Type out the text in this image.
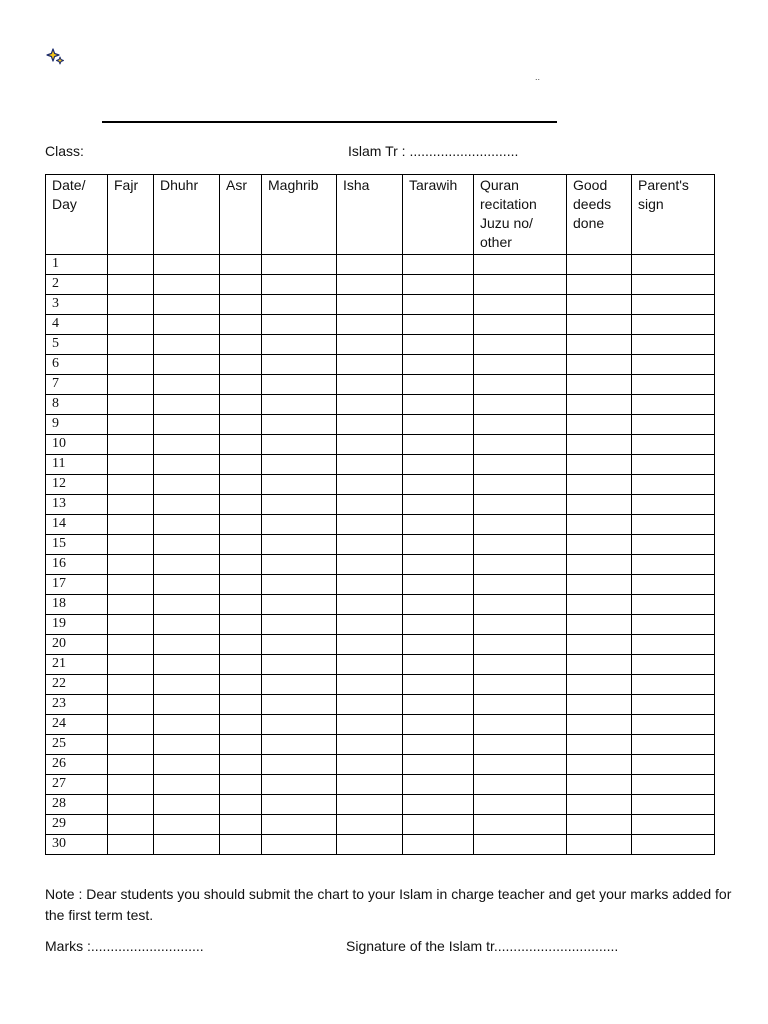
..
Class:	Islam Tr : ............................
Date/ Day	Fajr	Dhuhr	Asr	Maghrib	Isha	Tarawih	Quran recitation Juzu no/ other	Good deeds done	Parent's sign
1									
2									
3									
4									
5									
6									
7									
8									
9									
10									
11									
12									
13									
14									
15									
16									
17									
18									
19									
20									
21									
22									
23									
24									
25									
26									
27									
28									
29									
30									
Note : Dear students you should submit the chart to your Islam in charge teacher and get your marks added for the first term test.
Marks :.............................	Signature of the Islam tr................................
